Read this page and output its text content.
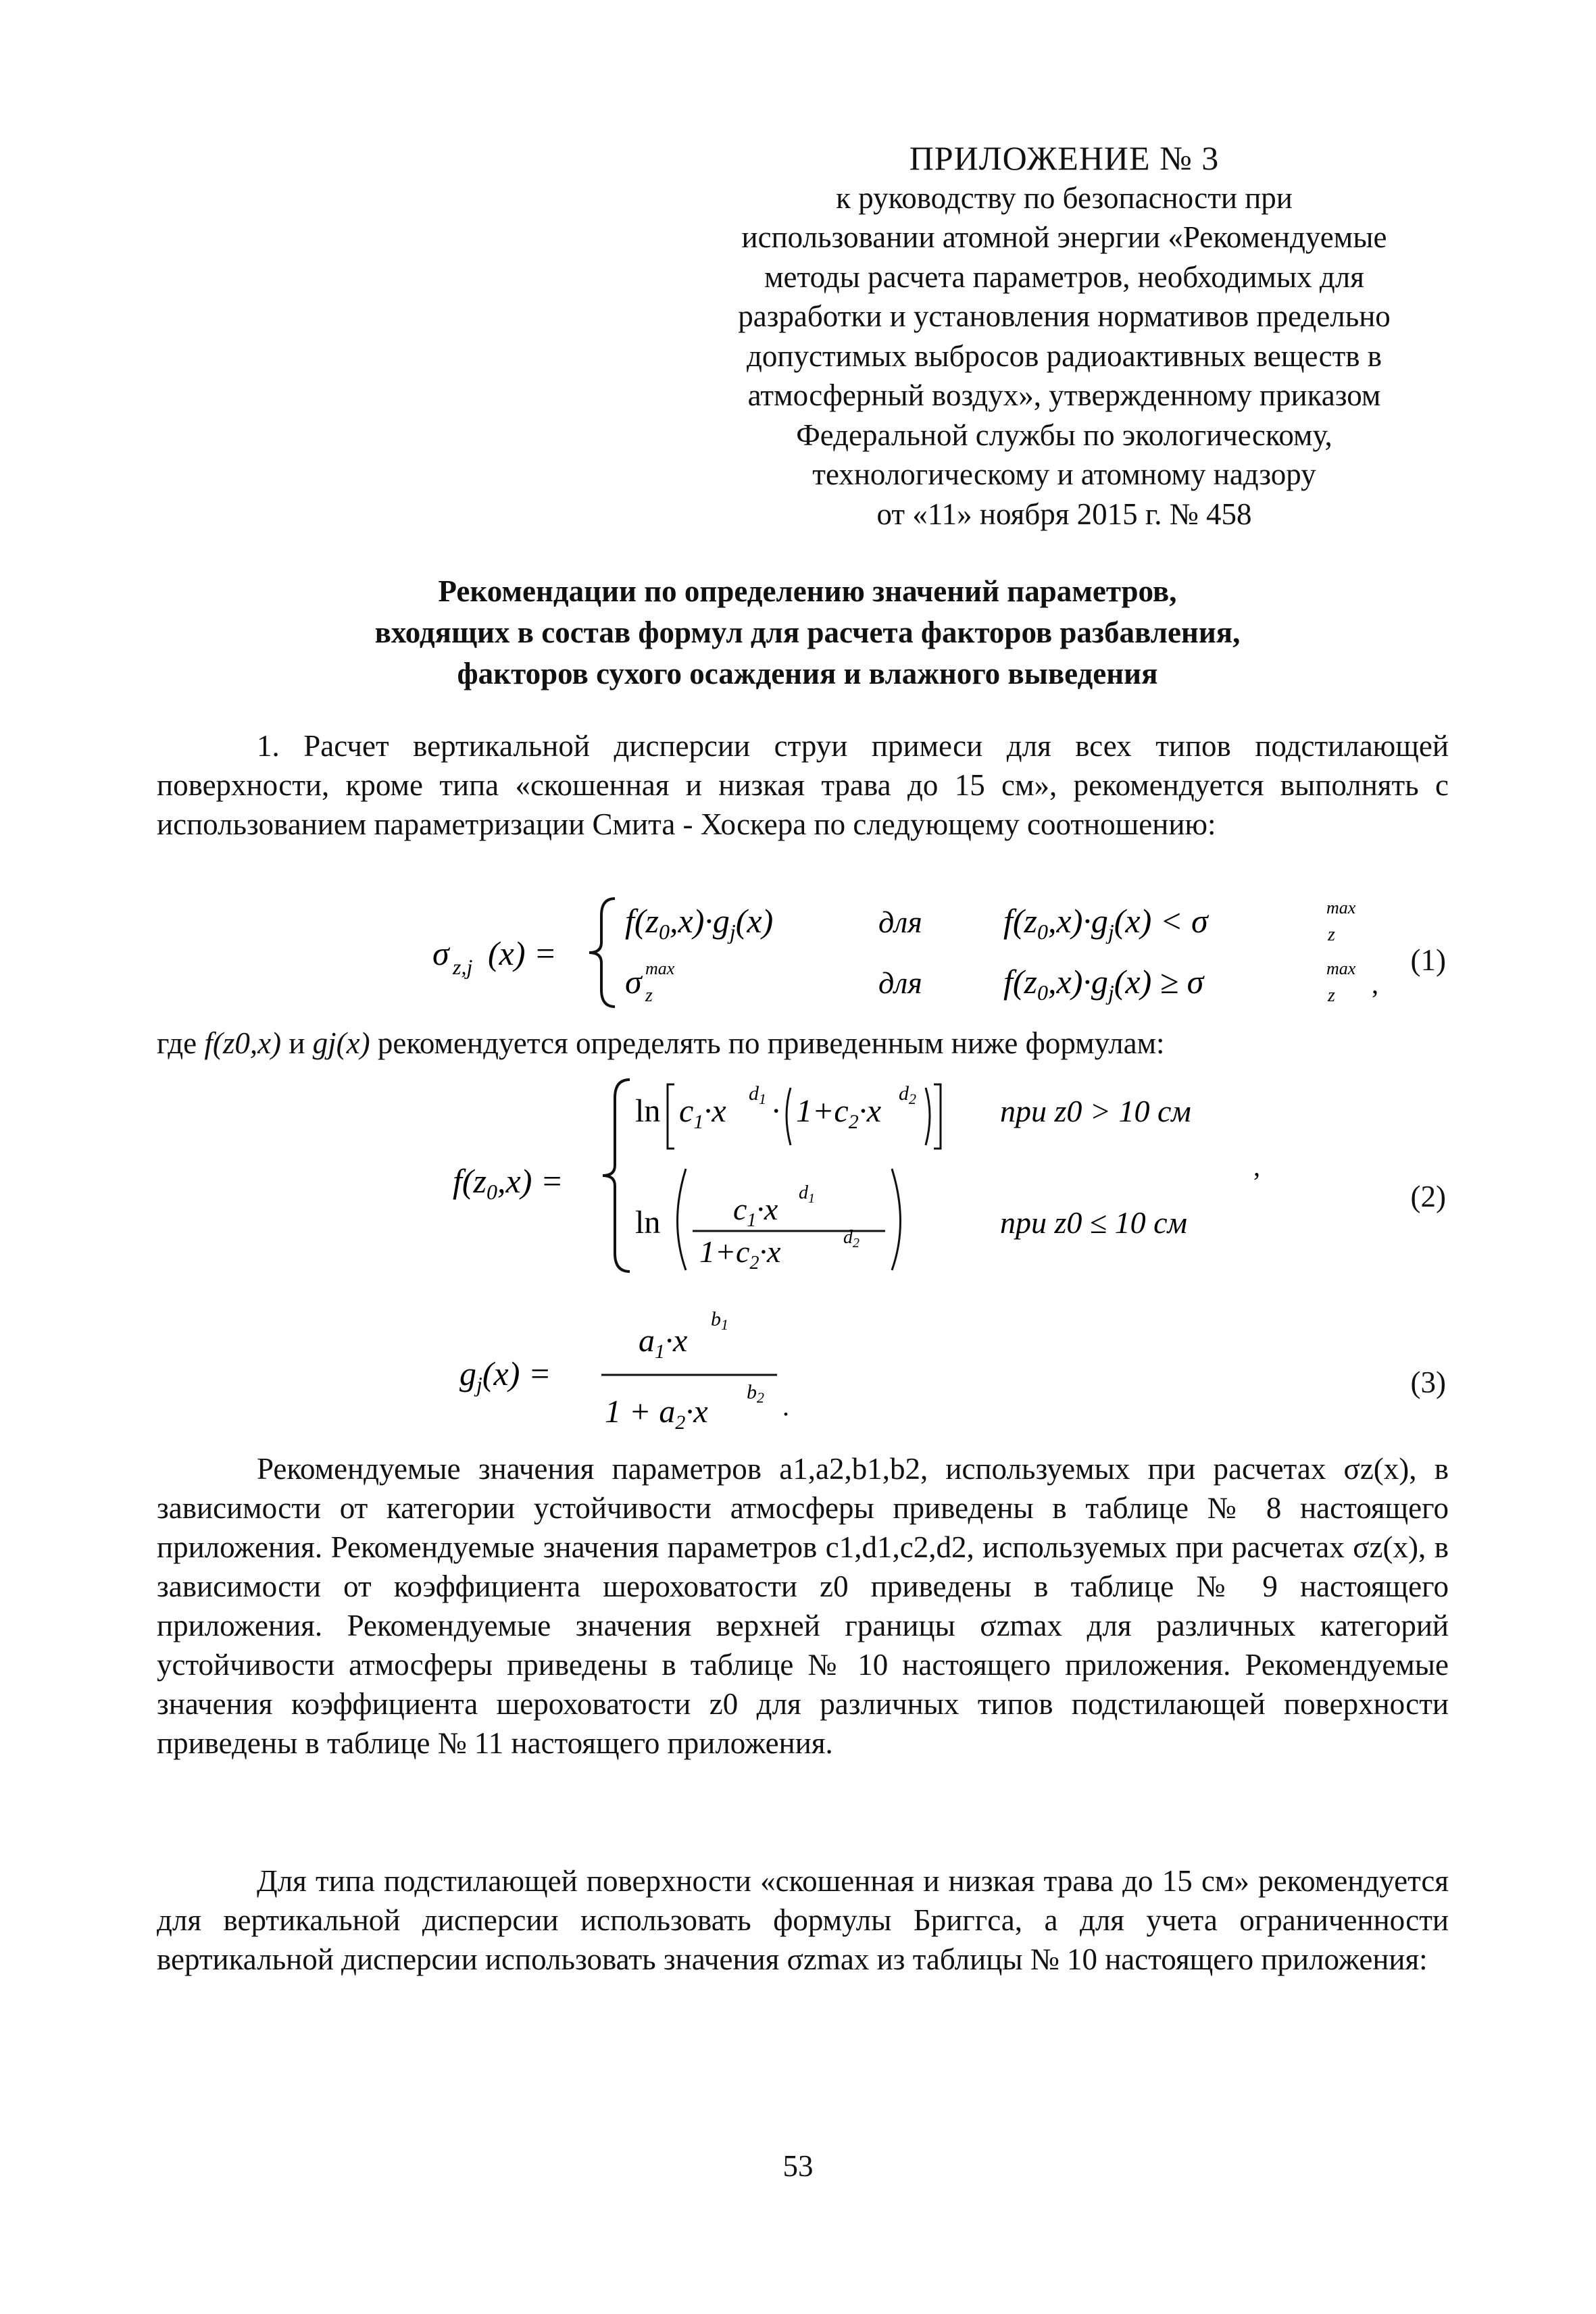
ПРИЛОЖЕНИЕ № 3
к руководству по безопасности при
использовании атомной энергии «Рекомендуемые
методы расчета параметров, необходимых для
разработки и установления нормативов предельно
допустимых выбросов радиоактивных веществ в
атмосферный воздух», утвержденному приказом
Федеральной службы по экологическому,
технологическому и атомному надзору
от «11» ноября 2015 г. № 458
Рекомендации по определению значений параметров,
входящих в состав формул для расчета факторов разбавления,
факторов сухого осаждения и влажного выведения
1. Расчет вертикальной дисперсии струи примеси для всех типов подстилающей поверхности, кроме типа «скошенная и низкая трава до 15 см», рекомендуется выполнять с использованием параметризации Смита - Хоскера по следующему соотношению:
σ z,j (x) =
$f(z_0,x)\cdot g_j(x)$	для $f(z_0,x)\cdot g_j(x) < \sigma$	max
z
σ max
z	для $f(z_0,x)\cdot g_j(x) \ge \sigma$	max
z ,
(1)
где f(z0,x) и gj(x) рекомендуется определять по приведенным ниже формулам:
$f(z_0,x)$ =
$\ln c_1\cdot x$ $d_1 \cdot 1+c_2\cdot x$ $d_2$	при z0 > 10 см
$\ln c_1\cdot x$ $d_1$
$1+c_2\cdot x$	$d_2$
при z0 ≤ 10 см
,
(2)
$g_j(x)$ =
$a_1\cdot x$
$b_1$
$1 + a_2\cdot x$
$b_2$ .
(3)
Рекомендуемые значения параметров a1,a2,b1,b2, используемых при расчетах σz(x), в зависимости от категории устойчивости атмосферы приведены в таблице № 8 настоящего приложения. Рекомендуемые значения параметров c1,d1,c2,d2, используемых при расчетах σz(x), в зависимости от коэффициента шероховатости z0 приведены в таблице № 9 настоящего приложения. Рекомендуемые значения верхней границы σzmax для различных категорий устойчивости атмосферы приведены в таблице № 10 настоящего приложения. Рекомендуемые значения коэффициента шероховатости z0 для различных типов подстилающей поверхности приведены в таблице № 11 настоящего приложения.
Для типа подстилающей поверхности «скошенная и низкая трава до 15 см» рекомендуется для вертикальной дисперсии использовать формулы Бриггса, а для учета ограниченности вертикальной дисперсии использовать значения σzmax из таблицы № 10 настоящего приложения:
53
